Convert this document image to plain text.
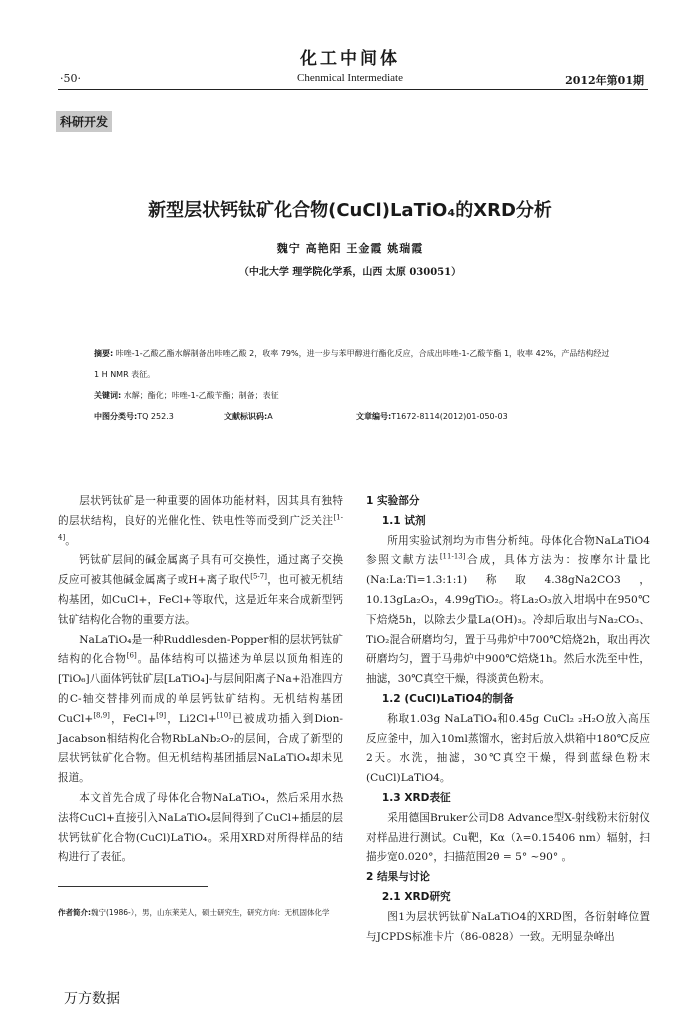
化工中间体
·50·	Chenmical Intermediate	2012年第01期
科研开发
新型层状钙钛矿化合物(CuCl)LaTiO₄的XRD分析
魏宁 高艳阳 王金霞 姚瑞霞
（中北大学 理学院化学系，山西 太原 030051）
摘要: 咔唑-1-乙酸乙酯水解制备出咔唑乙酸 2，收率 79%，进一步与苯甲醇进行酯化反应，合成出咔唑-1-乙酸苄酯 1，收率 42%，产品结构经过
1 H NMR 表征。
关键词: 水解；酯化；咔唑-1-乙酸苄酯；制备；表征
中图分类号:TQ 252.3	文献标识码:A	文章编号:T1672-8114(2012)01-050-03

层状钙钛矿是一种重要的固体功能材料，因其具有独特的层状结构，良好的光催化性、铁电性等而受到广泛关注[1-4]。

钙钛矿层间的碱金属离子具有可交换性，通过离子交换反应可被其他碱金属离子或H+离子取代[5-7]，也可被无机结构基团，如CuCl+，FeCl+等取代，这是近年来合成新型钙钛矿结构化合物的重要方法。

NaLaTiO₄是一种Ruddlesden-Popper相的层状钙钛矿结构的化合物[6]。晶体结构可以描述为单层以顶角相连的[TiO₆]八面体钙钛矿层[LaTiO₄]-与层间阳离子Na+沿准四方的C-轴交替排列而成的单层钙钛矿结构。无机结构基团CuCl+[8,9]，FeCl+[9]，Li2Cl+[10]已被成功插入到Dion-Jacabson相结构化合物RbLaNb₂O₇的层间，合成了新型的层状钙钛矿化合物。但无机结构基团插层NaLaTiO₄却未见报道。

本文首先合成了母体化合物NaLaTiO₄，然后采用水热法将CuCl+直接引入NaLaTiO₄层间得到了CuCl+插层的层状钙钛矿化合物(CuCl)LaTiO₄。采用XRD对所得样品的结构进行了表征。

1 实验部分

1.1 试剂

所用实验试剂均为市售分析纯。母体化合物NaLaTiO4参照文献方法[11-13]合成，具体方法为：按摩尔计量比(Na:La:Ti=1.3:1:1)称取4.38gNa2CO3，10.13gLa₂O₃，4.99gTiO₂。将La₂O₃放入坩埚中在950℃下焙烧5h，以除去少量La(OH)₃。冷却后取出与Na₂CO₃、TiO₂混合研磨均匀，置于马弗炉中700℃焙烧2h，取出再次研磨均匀，置于马弗炉中900℃焙烧1h。然后水洗至中性，抽滤，30℃真空干燥，得淡黄色粉末。

1.2 (CuCl)LaTiO4的制备

称取1.03g NaLaTiO₄和0.45g CuCl₂ ₂H₂O放入高压反应釜中，加入10ml蒸馏水，密封后放入烘箱中180℃反应2天。水洗，抽滤，30℃真空干燥，得到蓝绿色粉末(CuCl)LaTiO4。

1.3 XRD表征

采用德国Bruker公司D8 Advance型X-射线粉末衍射仪对样品进行测试。Cu靶，Kα（λ=0.15406 nm）辐射，扫描步宽0.020°，扫描范围2θ = 5° ~90° 。

2 结果与讨论

2.1 XRD研究

图1为层状钙钛矿NaLaTiO4的XRD图，各衍射峰位置与JCPDS标准卡片（86-0828）一致。无明显杂峰出

作者简介:魏宁(1986-），男，山东莱芜人，硕士研究生，研究方向：无机固体化学
万方数据
